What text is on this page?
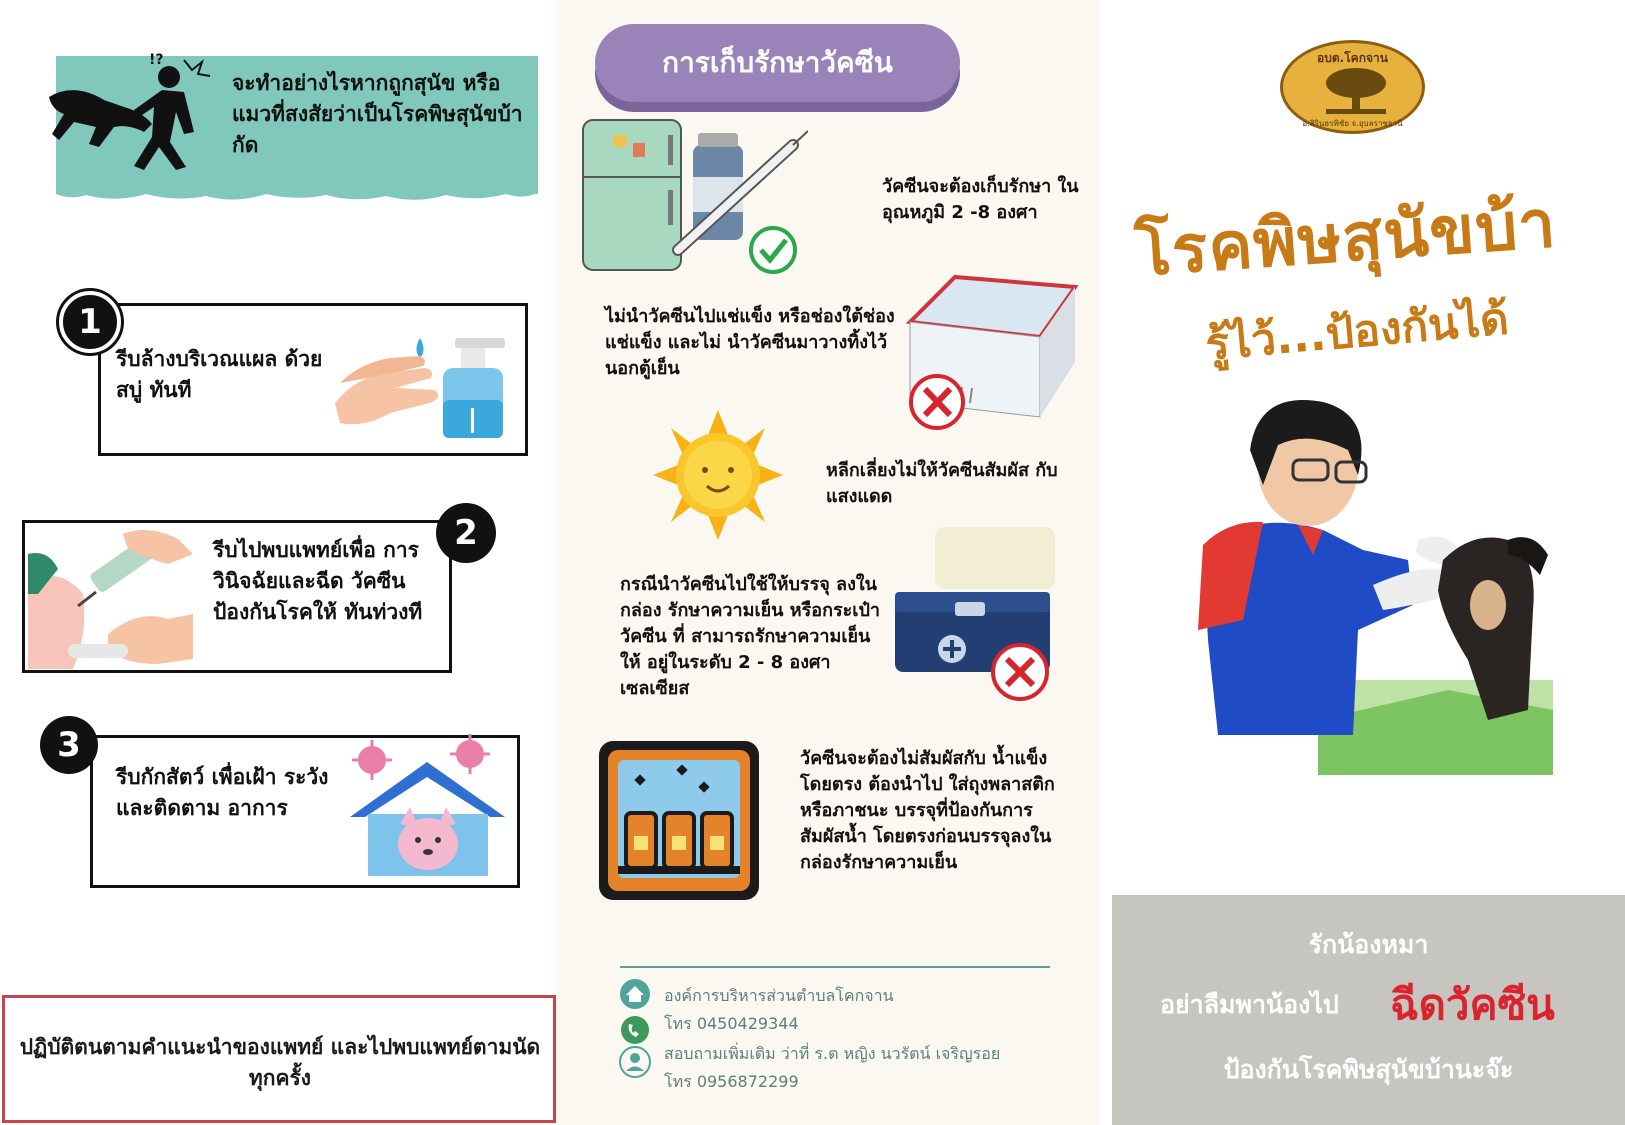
!?
จะทำอย่างไรหากถูกสุนัข หรือแมวที่สงสัยว่าเป็นโรคพิษสุนัขบ้ากัด
1
รีบล้างบริเวณแผล ด้วย สบู่ ทันที
2
รีบไปพบแพทย์เพื่อ การวินิจฉัยและฉีด วัคซีนป้องกันโรคให้ ทันท่วงที
3
รีบกักสัตว์ เพื่อเฝ้า ระวังและติดตาม อาการ
ปฏิบัติตนตามคำแนะนำของแพทย์ และไปพบแพทย์ตามนัดทุกครั้ง
การเก็บรักษาวัคซีน
วัคซีนจะต้องเก็บรักษา ในอุณหภูมิ 2 -8 องศา
ไม่นำวัคซีนไปแช่แข็ง หรือช่องใต้ช่องแช่แข็ง และไม่ นำวัคซีนมาวางทิ้งไว้นอกตู้เย็น
หลีกเลี่ยงไม่ให้วัคซีนสัมผัส กับแสงแดด
กรณีนำวัคซีนไปใช้ให้บรรจุ ลงในกล่อง รักษาความเย็น หรือกระเป๋าวัคซีน ที่ สามารถรักษาความเย็นให้ อยู่ในระดับ 2 - 8 องศา เซลเซียส
วัคซีนจะต้องไม่สัมผัสกับ น้ำแข็งโดยตรง ต้องนำไป ใส่ถุงพลาสติก หรือภาชนะ บรรจุที่ป้องกันการสัมผัสน้ำ โดยตรงก่อนบรรจุลงใน กล่องรักษาความเย็น
องค์การบริหารส่วนตำบลโคกจาน
โทร 0450429344
สอบถามเพิ่มเติม ว่าที่ ร.ต หญิง นวรัตน์ เจริญรอย
โทร 0956872299
อบต.โคกจาน
อ.สิรินธรพิชัย จ.อุบลราชธานี
โรคพิษสุนัขบ้า
รู้ไว้...ป้องกันได้
รักน้องหมา
อย่าลืมพาน้องไป ฉีดวัคซีน
ป้องกันโรคพิษสุนัขบ้านะจ๊ะ
